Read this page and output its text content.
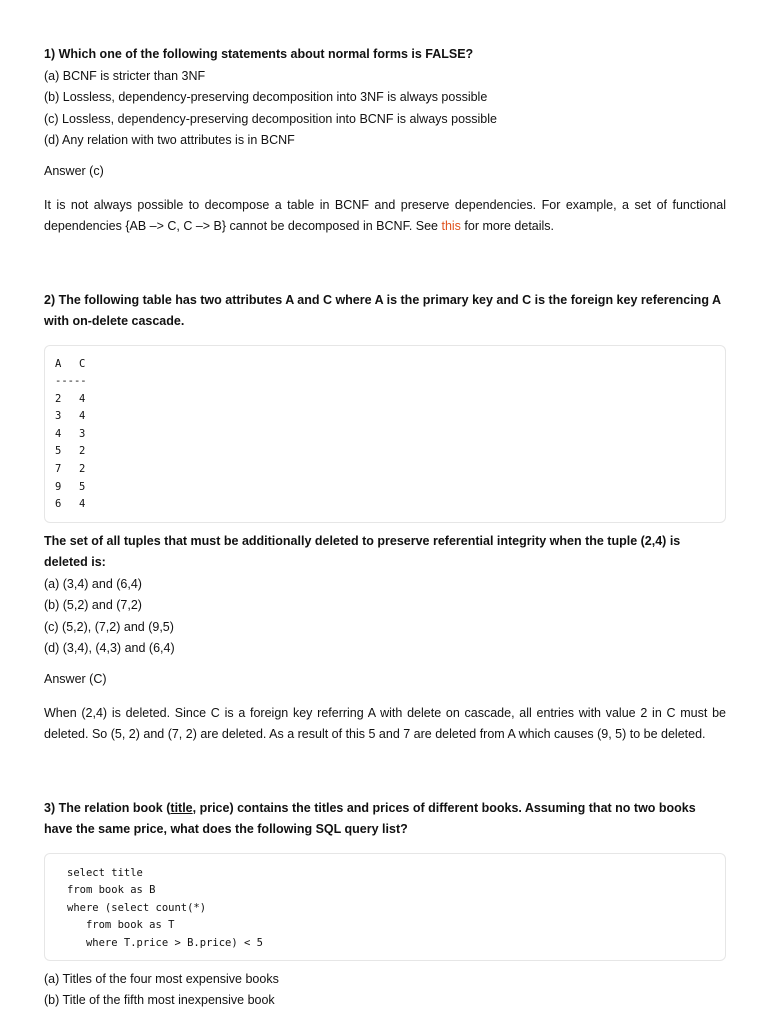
1) Which one of the following statements about normal forms is FALSE?

(a) BCNF is stricter than 3NF

(b) Lossless, dependency-preserving decomposition into 3NF is always possible

(c) Lossless, dependency-preserving decomposition into BCNF is always possible

(d) Any relation with two attributes is in BCNF

Answer (c)

It is not always possible to decompose a table in BCNF and preserve dependencies. For example, a set of functional dependencies {AB –> C, C –> B} cannot be decomposed in BCNF. See this for more details.

2) The following table has two attributes A and C where A is the primary key and C is the foreign key referencing A with on-delete cascade.

A C
-----
2 4
3 4
4 3
5 2
7 2
9 5
6 4

The set of all tuples that must be additionally deleted to preserve referential integrity when the tuple (2,4) is deleted is:

(a) (3,4) and (6,4)

(b) (5,2) and (7,2)

(c) (5,2), (7,2) and (9,5)

(d) (3,4), (4,3) and (6,4)

Answer (C)

When (2,4) is deleted. Since C is a foreign key referring A with delete on cascade, all entries with value 2 in C must be deleted. So (5, 2) and (7, 2) are deleted. As a result of this 5 and 7 are deleted from A which causes (9, 5) to be deleted.

3) The relation book (title, price) contains the titles and prices of different books. Assuming that no two books have the same price, what does the following SQL query list?

select title
from book as B
where (select count(*)
from book as T
where T.price > B.price) < 5

(a) Titles of the four most expensive books

(b) Title of the fifth most inexpensive book
